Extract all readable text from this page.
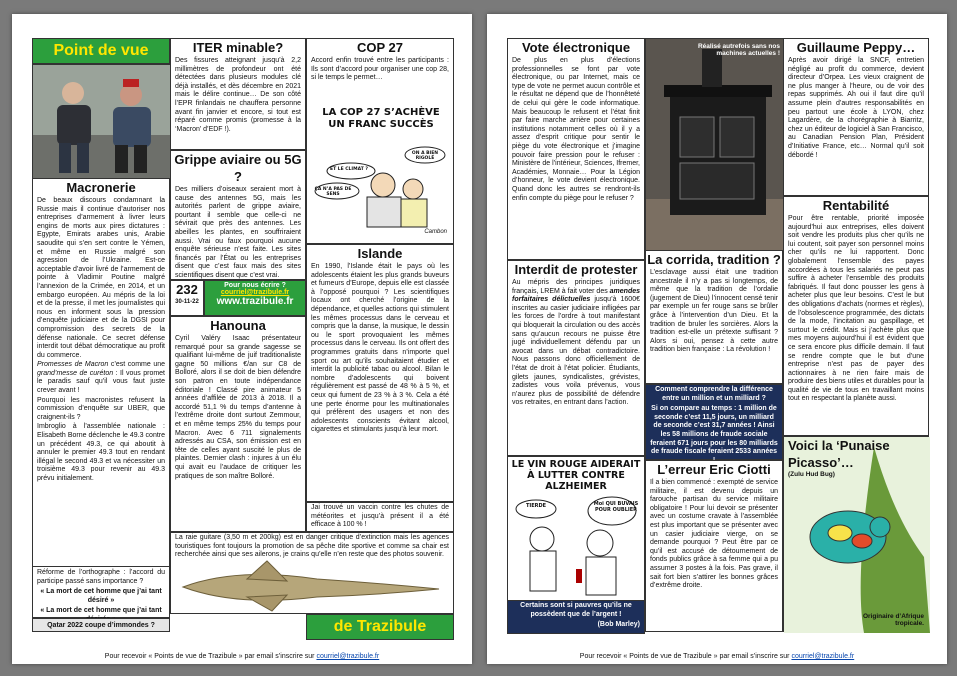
Point de vue
Macronerie

De beaux discours condamnant la Russie mais il continue d’autoriser nos entreprises d’armement à livrer leurs engins de morts aux pires dictatures : Egypte, Emirats arabes unis, Arabie saoudite qui s’en sert contre le Yémen, et même en Russie malgré son agression de l’Ukraine. Est-ce acceptable d’avoir livré de l’armement de pointe à Vladimir Poutine malgré l’annexion de la Crimée, en 2014, et un embargo européen. Au mépris de la loi et de la presse, il met les journalistes qui nous en informent sous la pression d’enquête judiciaire et de la DGSI pour compromission des secrets de la défense nationale. Ce secret défense interdit tout débat démocratique au profit du commerce.

Promesses de Macron c’est comme une grand’messe de curéton : Il vous promet le paradis sauf qu’il vous faut juste crever avant !

Pourquoi les macronistes refusent la commission d’enquête sur UBER, que craignent-ils ?

Imbroglio à l’assemblée nationale : Elisabeth Borne déclenche le 49.3 contre un précédent 49.3, ce qui aboutit à annuler le premier 49.3 tout en rendant illégal le second 49.3 et va nécessiter un troisième 49.3 pour revenir au 49.3 prévu initialement.

Réforme de l’orthographe : l’accord du participe passé sans importance ?
« La mort de cet homme que j’ai tant désiré »
« La mort de cet homme que j’ai tant
Qatar 2022 coupe d’immondes ?
ITER minable?
Des fissures atteignant jusqu’à 2,2 millimètres de profondeur ont été détectées dans plusieurs modules clé déjà installés, et dès décembre en 2021 mais le délire continue… De son côté l’EPR finlandais ne chauffera personne avant fin janvier et encore, si tout est réparé comme promis (promesse à la ‘Macron’ d’EDF !).
Grippe aviaire ou 5G ?
Des milliers d’oiseaux seraient mort à cause des antennes 5G, mais les autorités parlent de grippe aviaire, pourtant il semble que celle-ci ne sévirait que près des antennes. Les abeilles les plantes, en souffriraient aussi. Vrai ou faux pourquoi aucune enquête sérieuse n’est faite. Les sites financés par l’État ou les entreprises disent que c’est faux mais des sites scientifiques disent que c’est vrai.
232
30-11-22
Pour nous écrire ?
courriel@trazibule.fr
www.trazibule.fr
Hanouna
Cyril Valéry Isaac présentateur remarqué pour sa grande sagesse se qualifiant lui-même de juif traditionaliste gagne 50 millions €/an sur C8 de Bolloré, alors il se doit de bien défendre son patron en toute indépendance éditoriale ! Classé pire animateur 5 années d’affilée de 2013 à 2018. Il a accordé 51,1 % du temps d’antenne à l’extrême droite dont surtout Zemmour, et en même temps 25% du temps pour Macron. Avec 6 711 signalements adressés au CSA, son émission est en tête de celles ayant suscité le plus de plaintes. Dernier clash : injures à un élu qui avait eu l’audace de critiquer les pratiques de son maître Bolloré.
COP 27
Accord enfin trouvé entre les participants : Ils sont d’accord pour organiser une cop 28, si le temps le permet…
LA COP 27 S’ACHÈVE UN FRANC SUCCÈS
ON A BIEN RIGOLÉ
ET LE CLIMAT ?
ÇA N’A PAS DE SENS
Cambon
Islande
En 1990, l’Islande était le pays où les adolescents étaient les plus grands buveurs et fumeurs d’Europe, depuis elle est classée à l’opposé pourquoi ? Les scientifiques locaux ont cherché l’origine de la dépendance, et quelles actions qui stimulent les mêmes processus dans le cerveau et compris que la danse, la musique, le dessin ou le sport provoquaient les mêmes processus dans le cerveau. Ils ont offert des programmes gratuits dans n’importe quel sport ou art qu’ils souhaitaient étudier et interdit la publicité tabac ou alcool. Bilan le nombre d’adolescents qui boivent régulièrement est passé de 48 % à 5 %, et ceux qui fument de 23 % à 3 %. Cela a été une perte énorme pour les multinationales qui préfèrent des usagers et non des adolescents conscients évitant alcool, cigarettes et stimulants jusqu’à leur mort.
Jai trouvé un vaccin contre les chutes de météorites et jusqu’à présent il a été efficace à 100 % !
La raie guitare (3,50 m et 200kg) est en danger critique d’extinction mais les agences touristiques font toujours la promotion de sa pêche dite sportive et comme sa chair est recherchée ainsi que ses ailerons, je crains qu’elle n’en reste que des photos souvenir.
de Trazibule
Pour recevoir « Points de vue de Trazibule » par email s’inscrire sur courriel@trazibule.fr
Vote électronique
De plus en plus d’élections professionnelles se font par vote électronique, ou par Internet, mais ce type de vote ne permet aucun contrôle et le résultat ne dépend que de l’honnêteté de celui qui gère le code informatique. Mais beaucoup le refusent et l’état finit par faire marche arrière pour certaines institutions notamment celles où il y a assez d’esprit critique pour sentir le piège du vote électronique et j’imagine pouvoir faire pression pour le refuser : Ministère de l’intérieur, Sciences, Ifremer, Académies, Monnaie… Pour la Légion d’honneur, le vote devient électronique. Quand donc les autres se rendront-ils enfin compte du piège pour le refuser ?
Interdit de protester
Au mépris des principes juridiques français, LREM à fait voter des amendes forfaitaires délictuelles jusqu’à 1600€ inscrites au casier judiciaire infligées par les forces de l’ordre à tout manifestant qui bloquerait la circulation ou des accès sans qu’aucun recours ne puisse être jugé individuellement défendu par un avocat dans un débat contradictoire. Nous passons donc officiellement de l’état de droit à l’état policier. Étudiants, gilets jaunes, syndicalistes, grévistes, zadistes vous voila prévenus, vous n’aurez plus de possibilité de défendre vos retraites, en entrant dans l’action.
LE VIN ROUGE AIDERAIT À LUTTER CONTRE ALZHEIMER
TIERDE	Moi QUI BUVAIS POUR OUBLIER
Certains sont si pauvres qu’ils ne possèdent que de l’argent !
(Bob Marley)
Réalisé autrefois sans nos machines actuelles !
La corrida, tradition ?
L’esclavage aussi était une tradition ancestrale il n’y a pas si longtemps, de même que la tradition de l’ordalie (jugement de Dieu) l’innocent censé tenir par exemple un fer rouge sans se brûler grâce à l’intervention d’un Dieu. Et la tradition de bruler les sorcières. Alors la tradition est-elle un prétexte suffisant ? Alors si oui, pensez à cette autre tradition bien française : La révolution !
Comment comprendre la différence entre un million et un milliard ?
Si on compare au temps : 1 million de seconde c’est 11,5 jours, un milliard de seconde c’est 31,7 années ! Ainsi les 58 millions de fraude sociale feraient 671 jours pour les 80 milliards de fraude fiscale feraient 2533 années
L’erreur Eric Ciotti
Il a bien commencé : exempté de service militaire, il est devenu depuis un farouche partisan du service militaire obligatoire ! Pour lui devoir se présenter avec un costume cravate à l’assemblée est plus important que se présenter avec un casier judiciaire vierge, on se demande pourquoi ? Peut être par ce qu’il est accusé de détournement de fonds publics grâce à sa femme qui a pu assumer 3 postes à la fois. Pas grave, il sait fort bien s’attirer les bonnes grâces d’extrême droite.
Guillaume Peppy…
Après avoir dirigé la SNCF, entretien négligé au profit du commerce, devient directeur d’Orpea. Les vieux craignent de ne plus manger à l’heure, ou de voir des repas supprimés. Ah oui il faut dire qu’il assume plein d’autres responsabilités en peu partout une école à LYON, chez Lagardère, de la chorégraphie à Biarritz, chez un éditeur de logiciel à San Francisco, au Canadian Pension Plan, Président d’Initiative France, etc… Normal qu’il soit débordé !
Rentabilité
Pour être rentable, priorité imposée aujourd’hui aux entreprises, elles doivent soit vendre les produits plus cher qu’ils ne lui coutent, soit payer son personnel moins cher qu’ils ne lui rapportent. Donc globalement l’ensemble des payes accordées à tous les salariés ne peut pas suffire à acheter l’ensemble des produits fabriqués. Il faut donc pousser les gens à acheter plus que leur besoins. C’est le but des obligations d’achats (normes et règles), de l’obsolescence programmée, des dictats de la mode, l’incitation au gaspillage, et surtout le crédit. Mais si j’achète plus que mes moyens aujourd’hui il est évident que ce sera encore plus difficile demain. Il faut se rendre compte que le but d’une entreprise n’est pas de payer des actionnaires à ne rien faire mais de produire des biens utiles et durables pour la qualité de vie de tous en travaillant moins tout en respectant la planète aussi.
Voici la ‘Punaise Picasso’…
(Zulu Hud Bug)
Originaire d’Afrique tropicale.
Pour recevoir « Points de vue de Trazibule » par email s’inscrire sur courriel@trazibule.fr
